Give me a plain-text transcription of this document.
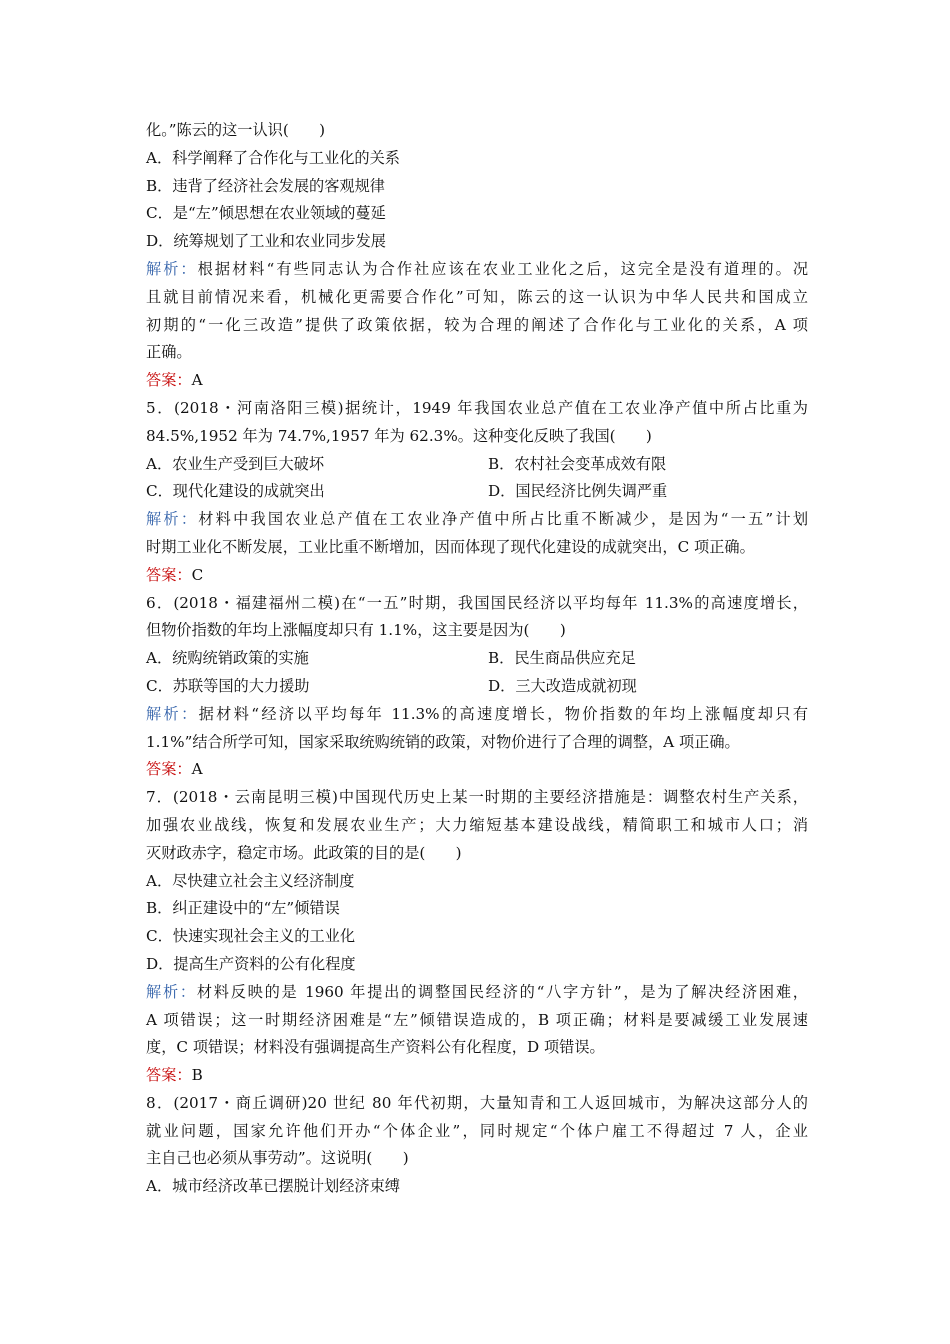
化。”陈云的这一认识(　　)
A．科学阐释了合作化与工业化的关系
B．违背了经济社会发展的客观规律
C．是“左”倾思想在农业领域的蔓延
D．统筹规划了工业和农业同步发展
解析：根据材料“有些同志认为合作社应该在农业工业化之后，这完全是没有道理的。况
且就目前情况来看，机械化更需要合作化”可知，陈云的这一认识为中华人民共和国成立
初期的“一化三改造”提供了政策依据，较为合理的阐述了合作化与工业化的关系，A 项
正确。
答案：A
5．(2018・河南洛阳三模)据统计，1949 年我国农业总产值在工农业净产值中所占比重为
84.5%,1952 年为 74.7%,1957 年为 62.3%。这种变化反映了我国(　　)
A．农业生产受到巨大破坏	B．农村社会变革成效有限
C．现代化建设的成就突出	D．国民经济比例失调严重
解析：材料中我国农业总产值在工农业净产值中所占比重不断减少，是因为“一五”计划
时期工业化不断发展，工业比重不断增加，因而体现了现代化建设的成就突出，C 项正确。
答案：C
6．(2018・福建福州二模)在“一五”时期，我国国民经济以平均每年 11.3%的高速度增长，
但物价指数的年均上涨幅度却只有 1.1%，这主要是因为(　　)
A．统购统销政策的实施	B．民生商品供应充足
C．苏联等国的大力援助	D．三大改造成就初现
解析：据材料“经济以平均每年 11.3%的高速度增长，物价指数的年均上涨幅度却只有
1.1%”结合所学可知，国家采取统购统销的政策，对物价进行了合理的调整，A 项正确。
答案：A
7．(2018・云南昆明三模)中国现代历史上某一时期的主要经济措施是：调整农村生产关系，
加强农业战线，恢复和发展农业生产；大力缩短基本建设战线，精简职工和城市人口；消
灭财政赤字，稳定市场。此政策的目的是(　　)
A．尽快建立社会主义经济制度
B．纠正建设中的“左”倾错误
C．快速实现社会主义的工业化
D．提高生产资料的公有化程度
解析：材料反映的是 1960 年提出的调整国民经济的“八字方针”，是为了解决经济困难，
A 项错误；这一时期经济困难是“左”倾错误造成的，B 项正确；材料是要减缓工业发展速
度，C 项错误；材料没有强调提高生产资料公有化程度，D 项错误。
答案：B
8．(2017・商丘调研)20 世纪 80 年代初期，大量知青和工人返回城市，为解决这部分人的
就业问题，国家允许他们开办“个体企业”，同时规定“个体户雇工不得超过 7 人，企业
主自己也必须从事劳动”。这说明(　　)
A．城市经济改革已摆脱计划经济束缚
